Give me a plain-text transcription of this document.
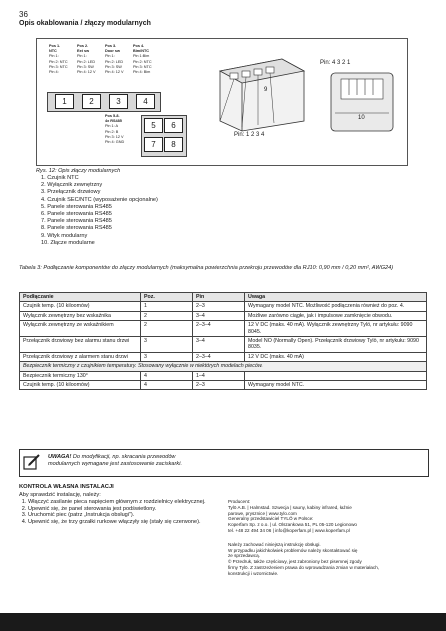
36
Opis okablowania / złączy modularnych
Pos 1.
NTC
Pin 1:
Pin 2: NTC
Pin 3: NTC
Pin 4:
Pos 2.
Ext sw
Pin 1:
Pin 2: LED
Pin 3: SW
Pin 4: 12 V
Pos 3.
Door sw
Pin 1:
Pin 2: LED
Pin 3: SW
Pin 4: 12 V
Pos 4.
Bim/NTC
Pin 1:Bim
Pin 2: NTC
Pin 3: NTC
Pin 4: Bim
1	2	3	4
Pos 5-8.
4x RS485
Pin 1: A
Pin 2: B
Pin 3: 12 V
Pin 4: GND
5	6
7	8
9
Pin: 1 2 3 4
10
Pin: 4 3 2 1
Rys. 12: Opis złączy modularnych
1. Czujnik NTC
2. Wyłącznik zewnętrzny
3. Przełącznik drzwiowy
4. Czujnik SEC/NTC (wyposażenie opcjonalne)
5. Panele sterowania RS485
6. Panele sterowania RS485
7. Panele sterowania RS485
8. Panele sterowania RS485
9. Wtyk modularny
10. Złącze modularne
Tabela 3: Podłączanie komponentów do złączy modularnych (maksymalna powierzchnia przekroju przewodów dla RJ10: 0,90 mm / 0,20 mm², AWG24)
Podłączanie	Poz.	Pin	Uwaga
Czujnik temp. (10 kiloomów)	1	2–3	Wymagany model NTC. Możliwość podłączenia również do poz. 4.
Wyłącznik zewnętrzny bez wskaźnika	2	3–4	Możliwe zarówno ciągłe, jak i impulsowe zamknięcie obwodu.
Wyłącznik zewnętrzny ze wskaźnikiem	2	2–3–4	12 V DC (maks. 40 mA). Wyłącznik zewnętrzny Tylö, nr artykułu: 9090 8045.
Przełącznik drzwiowy bez alarmu stanu drzwi	3	3–4	Model NO (Normally Open). Przełącznik drzwiowy Tylö, nr artykułu: 9090 8035.
Przełącznik drzwiowy z alarmem stanu drzwi	3	2–3–4	12 V DC (maks. 40 mA)
Bezpiecznik termiczny z czujnikiem temperatury. Stosowany wyłącznie w niektórych modelach pieców.			
Bezpiecznik termiczny 130°	4	1–4	
Czujnik temp. (10 kiloomów)	4	2–3	Wymagany model NTC.
UWAGA! Do modyfikacji, np. skracania przewodów
modularnych wymagane jest zastosowanie zaciskarki.
KONTROLA WŁASNA INSTALACJI
Aby sprawdzić instalację, należy:
1. Włączyć zasilanie pieca napięciem głównym z rozdzielnicy elektrycznej.
2. Upewnić się, że panel sterowania jest podświetlony.
3. Uruchomić piec (patrz „Instrukcja obsługi”).
4. Upewnić się, że trzy grzałki rurkowe włączyły się (stały się czerwone).
Producent:
Tylö A.B. | Halmstad. Szwecja | sauny, kabiny infrared, łaźnie
parowe, prysznice | www.tylo.com
Generalny przedstawiciel TYLÖ w Polsce:
Koperfam Sp. z o.o. | ul. Olszankowa 51, PL 05-120 Legionowo
tel. +48 22 494 34 06 | info@koperfam.pl | www.koperfam.pl
Należy zachować niniejszą instrukcję obsługi.
W przypadku jakichkolwiek problemów należy skontaktować się
ze sprzedawcą.
© Przedruk, także częściowy, jest zabroniony bez pisemnej zgody
firmy Tylö. Z zastrzeżeniem prawa do wprowadzania zmian w materiałach,
konstrukcji i wzornictwie.
